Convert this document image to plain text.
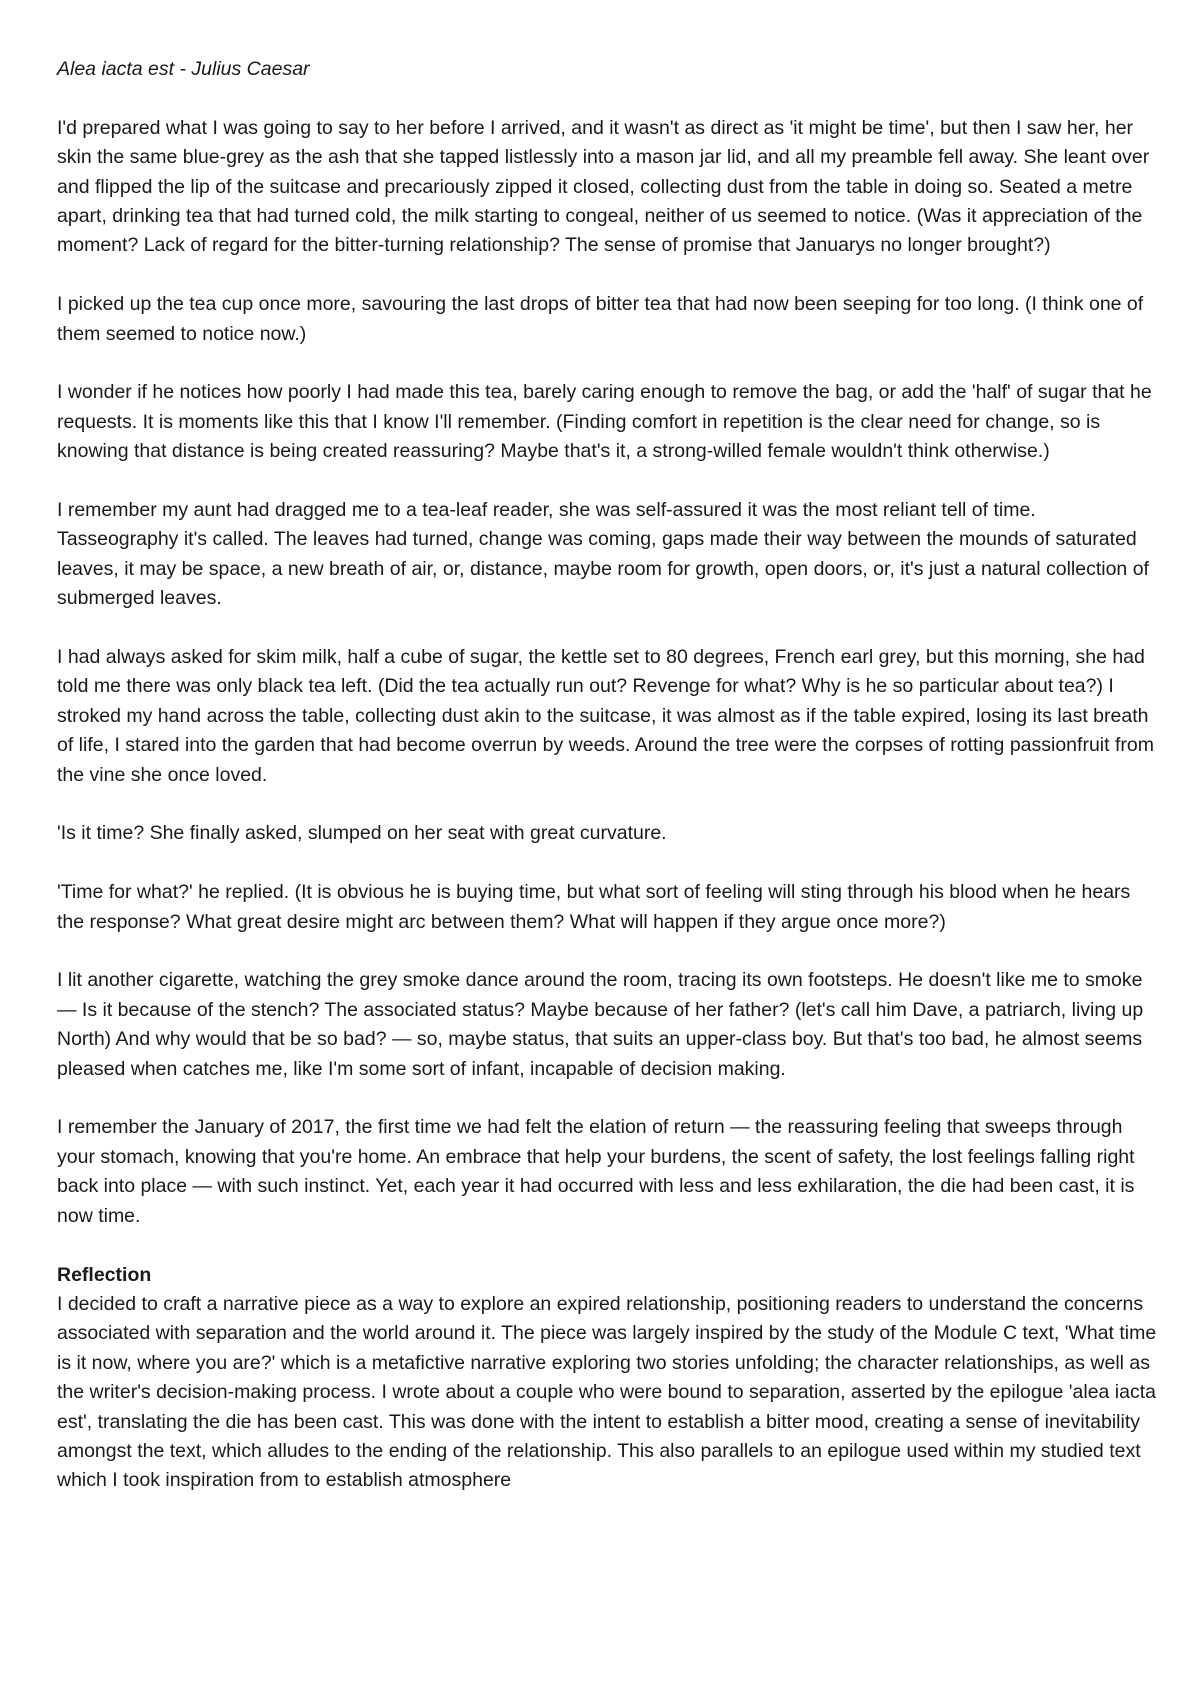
Alea iacta est - Julius Caesar

I'd prepared what I was going to say to her before I arrived, and it wasn't as direct as 'it might be time', but then I saw her, her skin the same blue-grey as the ash that she tapped listlessly into a mason jar lid, and all my preamble fell away. She leant over and flipped the lip of the suitcase and precariously zipped it closed, collecting dust from the table in doing so. Seated a metre apart, drinking tea that had turned cold, the milk starting to congeal, neither of us seemed to notice. (Was it appreciation of the moment? Lack of regard for the bitter-turning relationship? The sense of promise that Januarys no longer brought?)

I picked up the tea cup once more, savouring the last drops of bitter tea that had now been seeping for too long. (I think one of them seemed to notice now.)

I wonder if he notices how poorly I had made this tea, barely caring enough to remove the bag, or add the 'half' of sugar that he requests. It is moments like this that I know I'll remember. (Finding comfort in repetition is the clear need for change, so is knowing that distance is being created reassuring? Maybe that's it, a strong-willed female wouldn't think otherwise.)

I remember my aunt had dragged me to a tea-leaf reader, she was self-assured it was the most reliant tell of time. Tasseography it's called. The leaves had turned, change was coming, gaps made their way between the mounds of saturated leaves, it may be space, a new breath of air, or, distance, maybe room for growth, open doors, or, it's just a natural collection of submerged leaves.

I had always asked for skim milk, half a cube of sugar, the kettle set to 80 degrees, French earl grey, but this morning, she had told me there was only black tea left. (Did the tea actually run out? Revenge for what? Why is he so particular about tea?) I stroked my hand across the table, collecting dust akin to the suitcase, it was almost as if the table expired, losing its last breath of life, I stared into the garden that had become overrun by weeds. Around the tree were the corpses of rotting passionfruit from the vine she once loved.

'Is it time? She finally asked, slumped on her seat with great curvature.

'Time for what?' he replied. (It is obvious he is buying time, but what sort of feeling will sting through his blood when he hears the response? What great desire might arc between them? What will happen if they argue once more?)

I lit another cigarette, watching the grey smoke dance around the room, tracing its own footsteps. He doesn't like me to smoke — Is it because of the stench? The associated status? Maybe because of her father? (let's call him Dave, a patriarch, living up North) And why would that be so bad? — so, maybe status, that suits an upper-class boy. But that's too bad, he almost seems pleased when catches me, like I'm some sort of infant, incapable of decision making.

I remember the January of 2017, the first time we had felt the elation of return — the reassuring feeling that sweeps through your stomach, knowing that you're home. An embrace that help your burdens, the scent of safety, the lost feelings falling right back into place — with such instinct. Yet, each year it had occurred with less and less exhilaration, the die had been cast, it is now time.

Reflection

I decided to craft a narrative piece as a way to explore an expired relationship, positioning readers to understand the concerns associated with separation and the world around it. The piece was largely inspired by the study of the Module C text, 'What time is it now, where you are?' which is a metafictive narrative exploring two stories unfolding; the character relationships, as well as the writer's decision-making process. I wrote about a couple who were bound to separation, asserted by the epilogue 'alea iacta est', translating the die has been cast. This was done with the intent to establish a bitter mood, creating a sense of inevitability amongst the text, which alludes to the ending of the relationship. This also parallels to an epilogue used within my studied text which I took inspiration from to establish atmosphere
